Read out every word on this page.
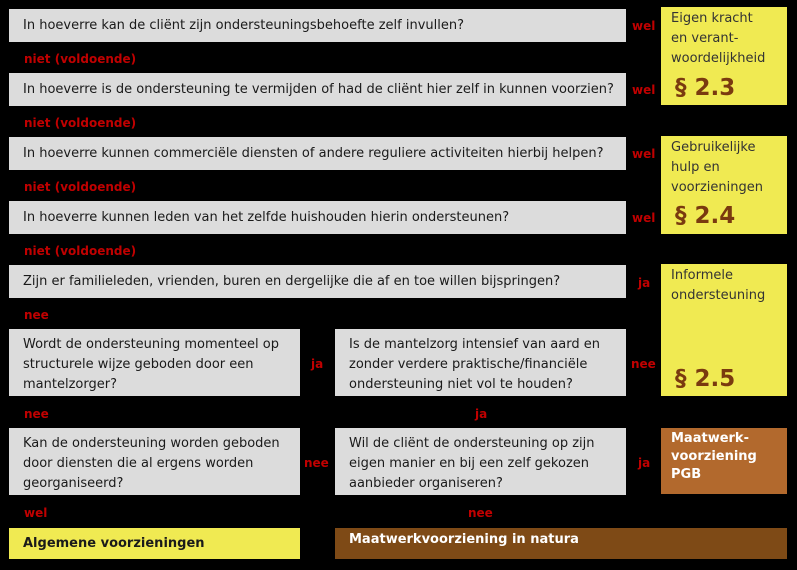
In hoeverre kan de cliënt zijn ondersteuningsbehoefte zelf invullen?
In hoeverre is de ondersteuning te vermijden of had de cliënt hier zelf in kunnen voorzien?
In hoeverre kunnen commerciële diensten of andere reguliere activiteiten hierbij helpen?
In hoeverre kunnen leden van het zelfde huishouden hierin ondersteunen?
Zijn er familieleden, vrienden, buren en dergelijke die af en toe willen bijspringen?
Wordt de ondersteuning momenteel op structurele wijze geboden door een mantelzorger?
Is de mantelzorg intensief van aard en zonder verdere praktische/financiële ondersteuning niet vol te houden?
Kan de ondersteuning worden geboden door diensten die al ergens worden georganiseerd?
Wil de cliënt de ondersteuning op zijn eigen manier en bij een zelf gekozen aanbieder organiseren?
wel
niet (voldoende)
wel
niet (voldoende)
wel
niet (voldoende)
wel
niet (voldoende)
ja
nee
ja
nee
nee
ja
nee
wel
ja
nee
Eigen kracht
en verant-
woordelijkheid
§ 2.3
Gebruikelijke
hulp en
voorzieningen
§ 2.4
Informele
ondersteuning
§ 2.5
Maatwerk-
voorziening PGB
Algemene voorzieningen	Maatwerkvoorziening in natura
